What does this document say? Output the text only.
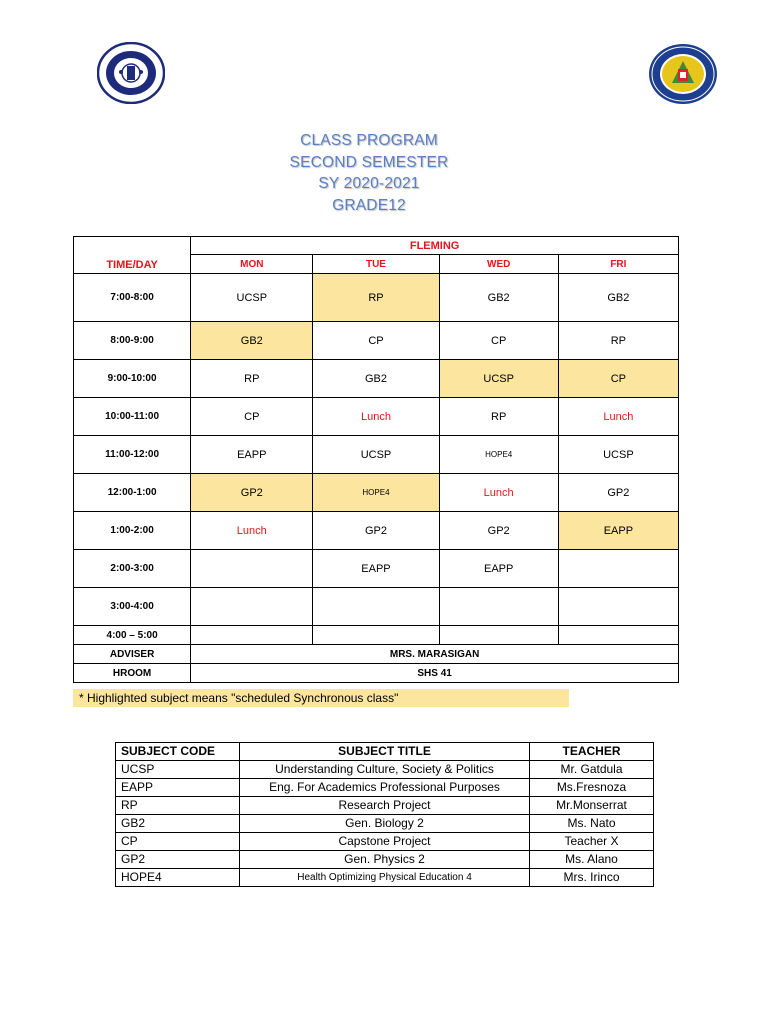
CLASS PROGRAM
SECOND SEMESTER
SY 2020-2021
GRADE12
TIME/DAY	FLEMING			
	MON	TUE	WED	FRI
7:00-8:00	UCSP	RP	GB2	GB2
8:00-9:00	GB2	CP	CP	RP
9:00-10:00	RP	GB2	UCSP	CP
10:00-11:00	CP	Lunch	RP	Lunch
11:00-12:00	EAPP	UCSP	HOPE4	UCSP
12:00-1:00	GP2	HOPE4	Lunch	GP2
1:00-2:00	Lunch	GP2	GP2	EAPP
2:00-3:00		EAPP	EAPP	
3:00-4:00				
4:00 – 5:00				
ADVISER	MRS. MARASIGAN			
HROOM	SHS 41			
* Highlighted subject means "scheduled Synchronous class"
SUBJECT CODE	SUBJECT TITLE	TEACHER
UCSP	Understanding Culture, Society & Politics	Mr. Gatdula
EAPP	Eng. For Academics Professional Purposes	Ms.Fresnoza
RP	Research Project	Mr.Monserrat
GB2	Gen. Biology 2	Ms. Nato
CP	Capstone Project	Teacher X
GP2	Gen. Physics 2	Ms. Alano
HOPE4	Health Optimizing Physical Education 4	Mrs. Irinco
